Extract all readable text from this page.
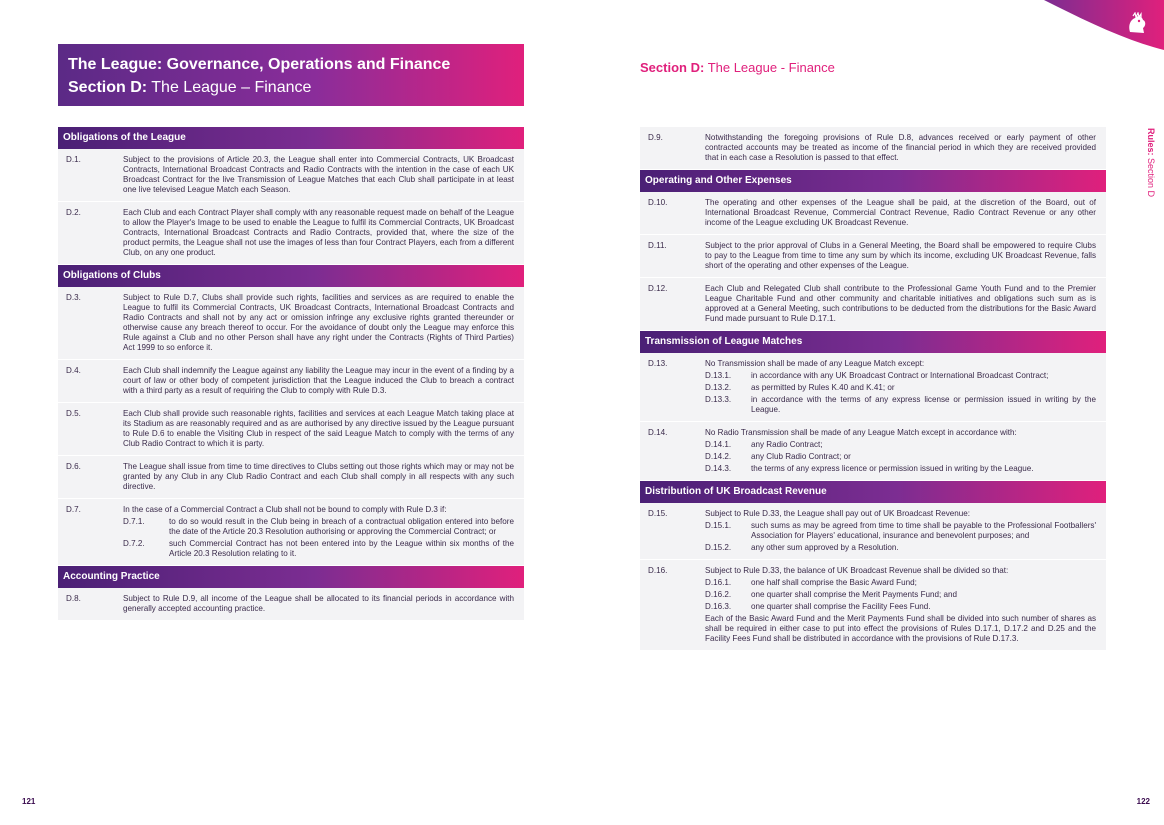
The League: Governance, Operations and Finance
Section D: The League – Finance
Obligations of the League
D.1.	Subject to the provisions of Article 20.3, the League shall enter into Commercial Contracts, UK Broadcast Contracts, International Broadcast Contracts and Radio Contracts with the intention in the case of each UK Broadcast Contract for the live Transmission of League Matches that each Club shall participate in at least one live televised League Match each Season.
D.2.	Each Club and each Contract Player shall comply with any reasonable request made on behalf of the League to allow the Player's Image to be used to enable the League to fulfil its Commercial Contracts, UK Broadcast Contracts, International Broadcast Contracts and Radio Contracts, provided that, where the size of the product permits, the League shall not use the images of less than four Contract Players, each from a different Club, on any one product.
Obligations of Clubs
D.3.	Subject to Rule D.7, Clubs shall provide such rights, facilities and services as are required to enable the League to fulfil its Commercial Contracts, UK Broadcast Contracts, International Broadcast Contracts and Radio Contracts and shall not by any act or omission infringe any exclusive rights granted thereunder or otherwise cause any breach thereof to occur. For the avoidance of doubt only the League may enforce this Rule against a Club and no other Person shall have any right under the Contracts (Rights of Third Parties) Act 1999 to so enforce it.
D.4.	Each Club shall indemnify the League against any liability the League may incur in the event of a finding by a court of law or other body of competent jurisdiction that the League induced the Club to breach a contract with a third party as a result of requiring the Club to comply with Rule D.3.
D.5.	Each Club shall provide such reasonable rights, facilities and services at each League Match taking place at its Stadium as are reasonably required and as are authorised by any directive issued by the League pursuant to Rule D.6 to enable the Visiting Club in respect of the said League Match to comply with the terms of any Club Radio Contract to which it is party.
D.6.	The League shall issue from time to time directives to Clubs setting out those rights which may or may not be granted by any Club in any Club Radio Contract and each Club shall comply in all respects with any such directive.
D.7.	In the case of a Commercial Contract a Club shall not be bound to comply with Rule D.3 if:
D.7.1.	to do so would result in the Club being in breach of a contractual obligation entered into before the date of the Article 20.3 Resolution authorising or approving the Commercial Contract; or
D.7.2.	such Commercial Contract has not been entered into by the League within six months of the Article 20.3 Resolution relating to it.
Accounting Practice
D.8.	Subject to Rule D.9, all income of the League shall be allocated to its financial periods in accordance with generally accepted accounting practice.
121
Section D: The League - Finance
Rules: Section D
D.9.	Notwithstanding the foregoing provisions of Rule D.8, advances received or early payment of other contracted accounts may be treated as income of the financial period in which they are received provided that in each case a Resolution is passed to that effect.
Operating and Other Expenses
D.10.	The operating and other expenses of the League shall be paid, at the discretion of the Board, out of International Broadcast Revenue, Commercial Contract Revenue, Radio Contract Revenue or any other income of the League excluding UK Broadcast Revenue.
D.11.	Subject to the prior approval of Clubs in a General Meeting, the Board shall be empowered to require Clubs to pay to the League from time to time any sum by which its income, excluding UK Broadcast Revenue, falls short of the operating and other expenses of the League.
D.12.	Each Club and Relegated Club shall contribute to the Professional Game Youth Fund and to the Premier League Charitable Fund and other community and charitable initiatives and obligations such sum as is approved at a General Meeting, such contributions to be deducted from the distributions for the Basic Award Fund made pursuant to Rule D.17.1.
Transmission of League Matches
D.13.	No Transmission shall be made of any League Match except:
D.13.1.	in accordance with any UK Broadcast Contract or International Broadcast Contract;
D.13.2.	as permitted by Rules K.40 and K.41; or
D.13.3.	in accordance with the terms of any express license or permission issued in writing by the League.
D.14.	No Radio Transmission shall be made of any League Match except in accordance with:
D.14.1.	any Radio Contract;
D.14.2.	any Club Radio Contract; or
D.14.3.	the terms of any express licence or permission issued in writing by the League.
Distribution of UK Broadcast Revenue
D.15.	Subject to Rule D.33, the League shall pay out of UK Broadcast Revenue:
D.15.1.	such sums as may be agreed from time to time shall be payable to the Professional Footballers' Association for Players' educational, insurance and benevolent purposes; and
D.15.2.	any other sum approved by a Resolution.
D.16.	Subject to Rule D.33, the balance of UK Broadcast Revenue shall be divided so that:
D.16.1.	one half shall comprise the Basic Award Fund;
D.16.2.	one quarter shall comprise the Merit Payments Fund; and
D.16.3.	one quarter shall comprise the Facility Fees Fund.
Each of the Basic Award Fund and the Merit Payments Fund shall be divided into such number of shares as shall be required in either case to put into effect the provisions of Rules D.17.1, D.17.2 and D.25 and the Facility Fees Fund shall be distributed in accordance with the provisions of Rule D.17.3.
122
